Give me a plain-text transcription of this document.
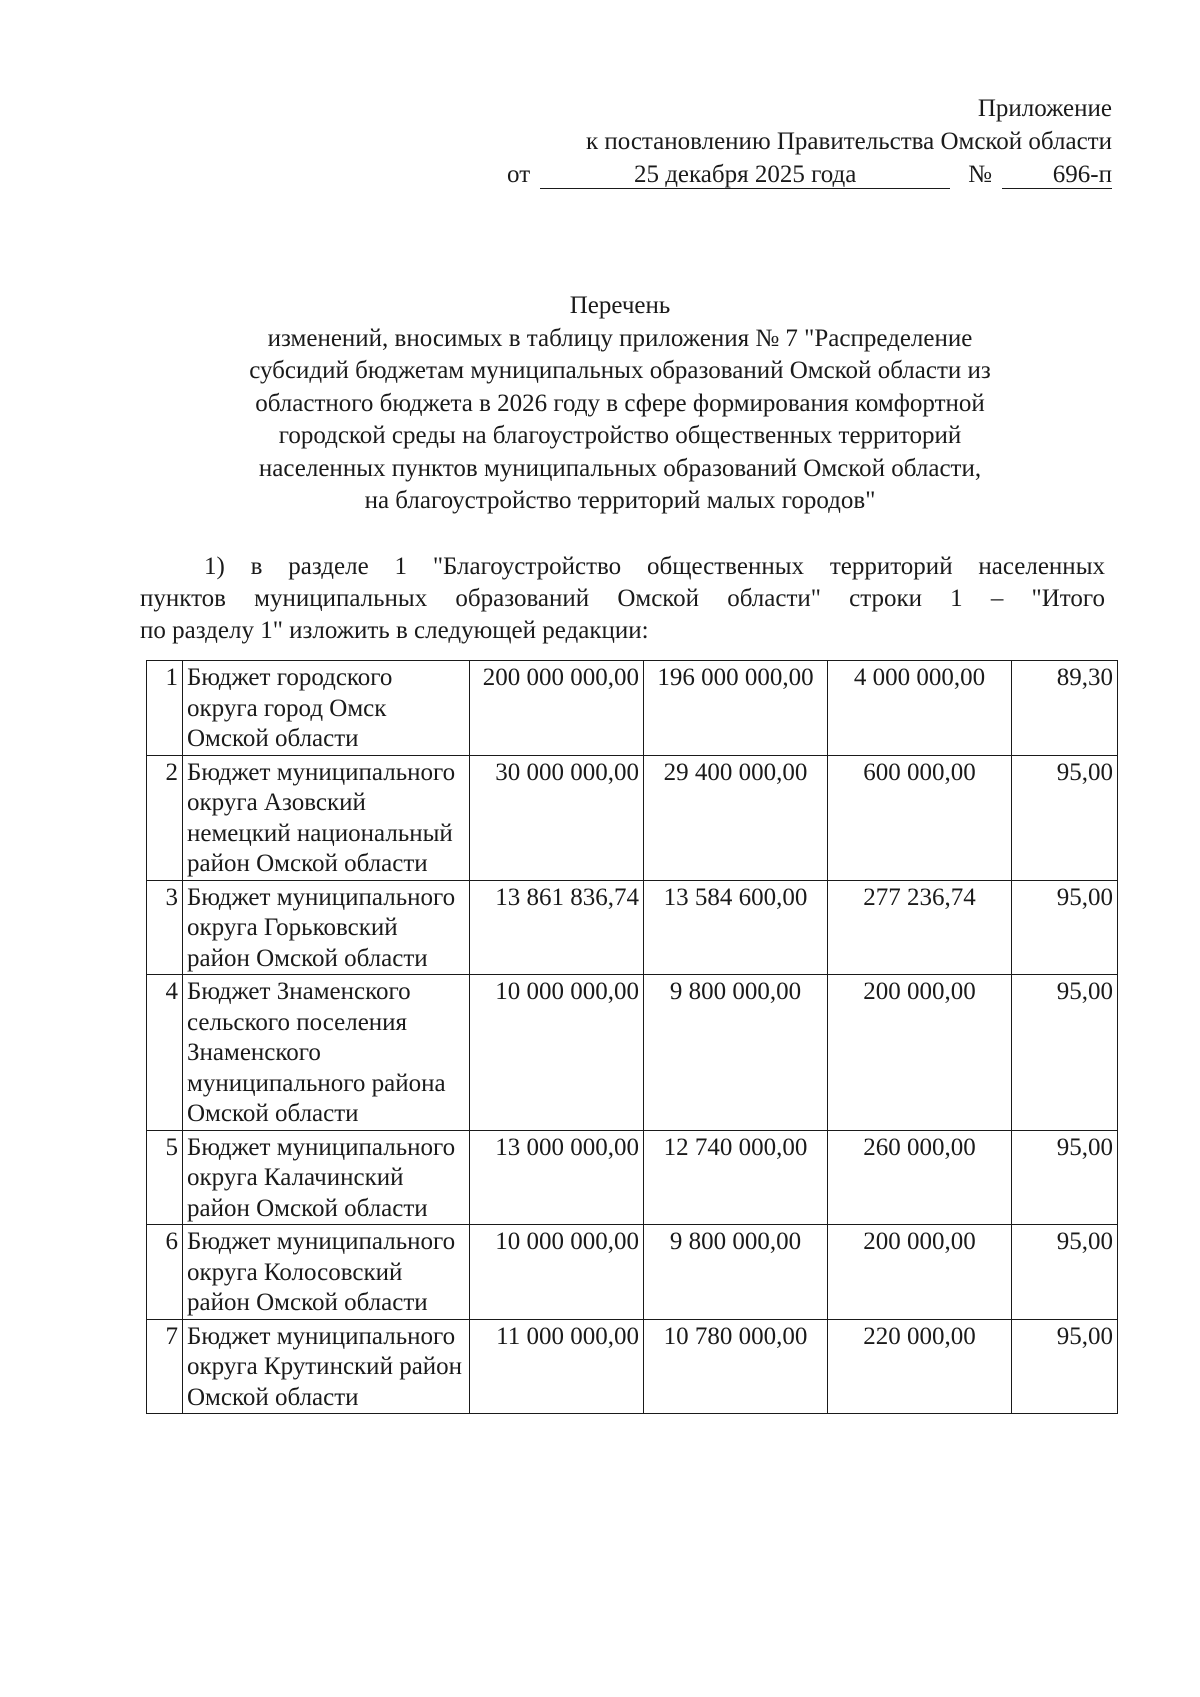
Приложение
к постановлению Правительства Омской области
от	25 декабря 2025 года	№ 696-п
Перечень
изменений, вносимых в таблицу приложения № 7 "Распределение
субсидий бюджетам муниципальных образований Омской области из
областного бюджета в 2026 году в сфере формирования комфортной
городской среды на благоустройство общественных территорий
населенных пунктов муниципальных образований Омской области,
на благоустройство территорий малых городов"
1) в разделе 1 "Благоустройство общественных территорий населенных
пунктов муниципальных образований Омской области" строки 1 – "Итого
по разделу 1" изложить в следующей редакции:
1	Бюджет городского округа город Омск Омской области	200 000 000,00	196 000 000,00	4 000 000,00	89,30
2	Бюджет муниципального округа Азовский немецкий национальный район Омской области	30 000 000,00	29 400 000,00	600 000,00	95,00
3	Бюджет муниципального округа Горьковский район Омской области	13 861 836,74	13 584 600,00	277 236,74	95,00
4	Бюджет Знаменского сельского поселения Знаменского муниципального района Омской области	10 000 000,00	9 800 000,00	200 000,00	95,00
5	Бюджет муниципального округа Калачинский район Омской области	13 000 000,00	12 740 000,00	260 000,00	95,00
6	Бюджет муниципального округа Колосовский район Омской области	10 000 000,00	9 800 000,00	200 000,00	95,00
7	Бюджет муниципального округа Крутинский район Омской области	11 000 000,00	10 780 000,00	220 000,00	95,00
